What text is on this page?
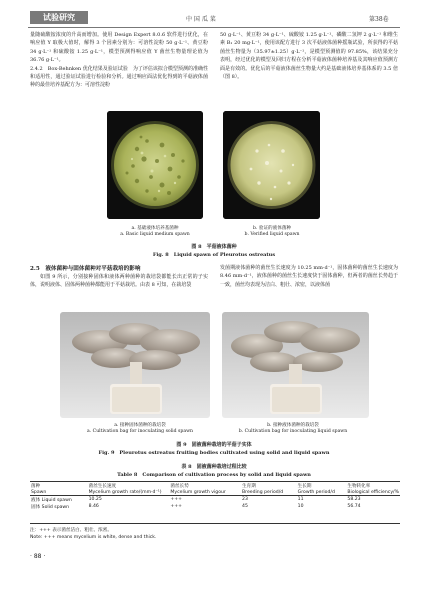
试验研究	中 国 瓜 菜	第38卷

量随硫酸铵浓度的升高而增加。使用 Design Expert 8.0.6 软件进行优化，在响应值 Y 取极大值时，解得 3 个因素分别为：可溶性淀粉 50 g·L⁻¹、黄豆粉 34 g·L⁻¹ 和硫酸铵 1.25 g·L⁻¹，模型预测得响应值 Y 菌丝生物量理论值为 36.76 g·L⁻¹。

2.4.2　Box-Behnken 优化结果及验证试验　为了评估该拟合模型预测的准确性和适用性，通过验证试验进行检验和分析。通过响应面法优化得到的平菇液体菌种的最佳培养基配方为：可溶性淀粉

50 g·L⁻¹、黄豆粉 34 g·L⁻¹、硫酸铵 1.25 g·L⁻¹、磷酸二氢钾 2 g·L⁻¹ 和维生素 B₁ 20 mg·L⁻¹，使用该配方进行 3 次平菇液体菌种摇瓶试验，所获得的平菇菌丝生物量为（35.97±1.25）g·L⁻¹，是模型预测值的 97.85%，该结果充分表明，经过优化的模型及回归方程在分析平菇液体菌种培养基及其响应值预测方面是有效的。优化后的平菇液体菌丝生物量大约是基础液体培养基体系的 3.5 倍（图 8）。

a. 基础液体培养基菌种
a. Basic liquid medium spawn
b. 验证的液体菌种
b. Verified liquid spawn
图 8　平菇液体菌种
Fig. 8　Liquid spawn of Pleurotus ostreatus
2.5　液体菌种与固体菌种对平菇栽培的影响
如图 9 所示，分别接种固体和液体两种菌种的栽培袋都能长出正常的子实体，说明液体、固体两种菌种都能用于平菇栽培。由表 8 可知，在栽培袋
发菌期液体菌种的菌丝生长速度为 10.25 mm·d⁻¹，固体菌种的菌丝生长速度为 8.46 mm·d⁻¹，液体菌种的菌丝生长速度快于固体菌种，但两者的菌丝长势趋于一致，菌丝均表现为洁白、粗壮、浓密，以液体菌
a. 接种固体菌种的栽培袋
a. Cultivation bag for inoculating solid spawn
b. 接种液体菌种的栽培袋
b. Cultivation bag for inoculating liquid spawn
图 9　固液菌种栽培的平菇子实体
Fig. 9　Pleurotus ostreatus fruiting bodies cultivated using solid and liquid spawn
表 8　固液菌种栽培过程比较
Table 8　Comparison of cultivation process by solid and liquid spawn
菌种	菌丝生长速度	菌丝长势	生育期	生长期	生物转化率
Spawn	Mycelium growth rate/(mm·d⁻¹)	Mycelium growth vigour	Breeding period/d	Growth period/d	Biological efficiency/%
液体 Liquid spawn	10.25	+++	23	11	58.23
固体 Solid spawn	8.46	+++	45	10	56.74
注：+++ 表示菌丝洁白、粗壮、浓密。
Note: +++ means mycelium is white, dense and thick.
· 88 ·
